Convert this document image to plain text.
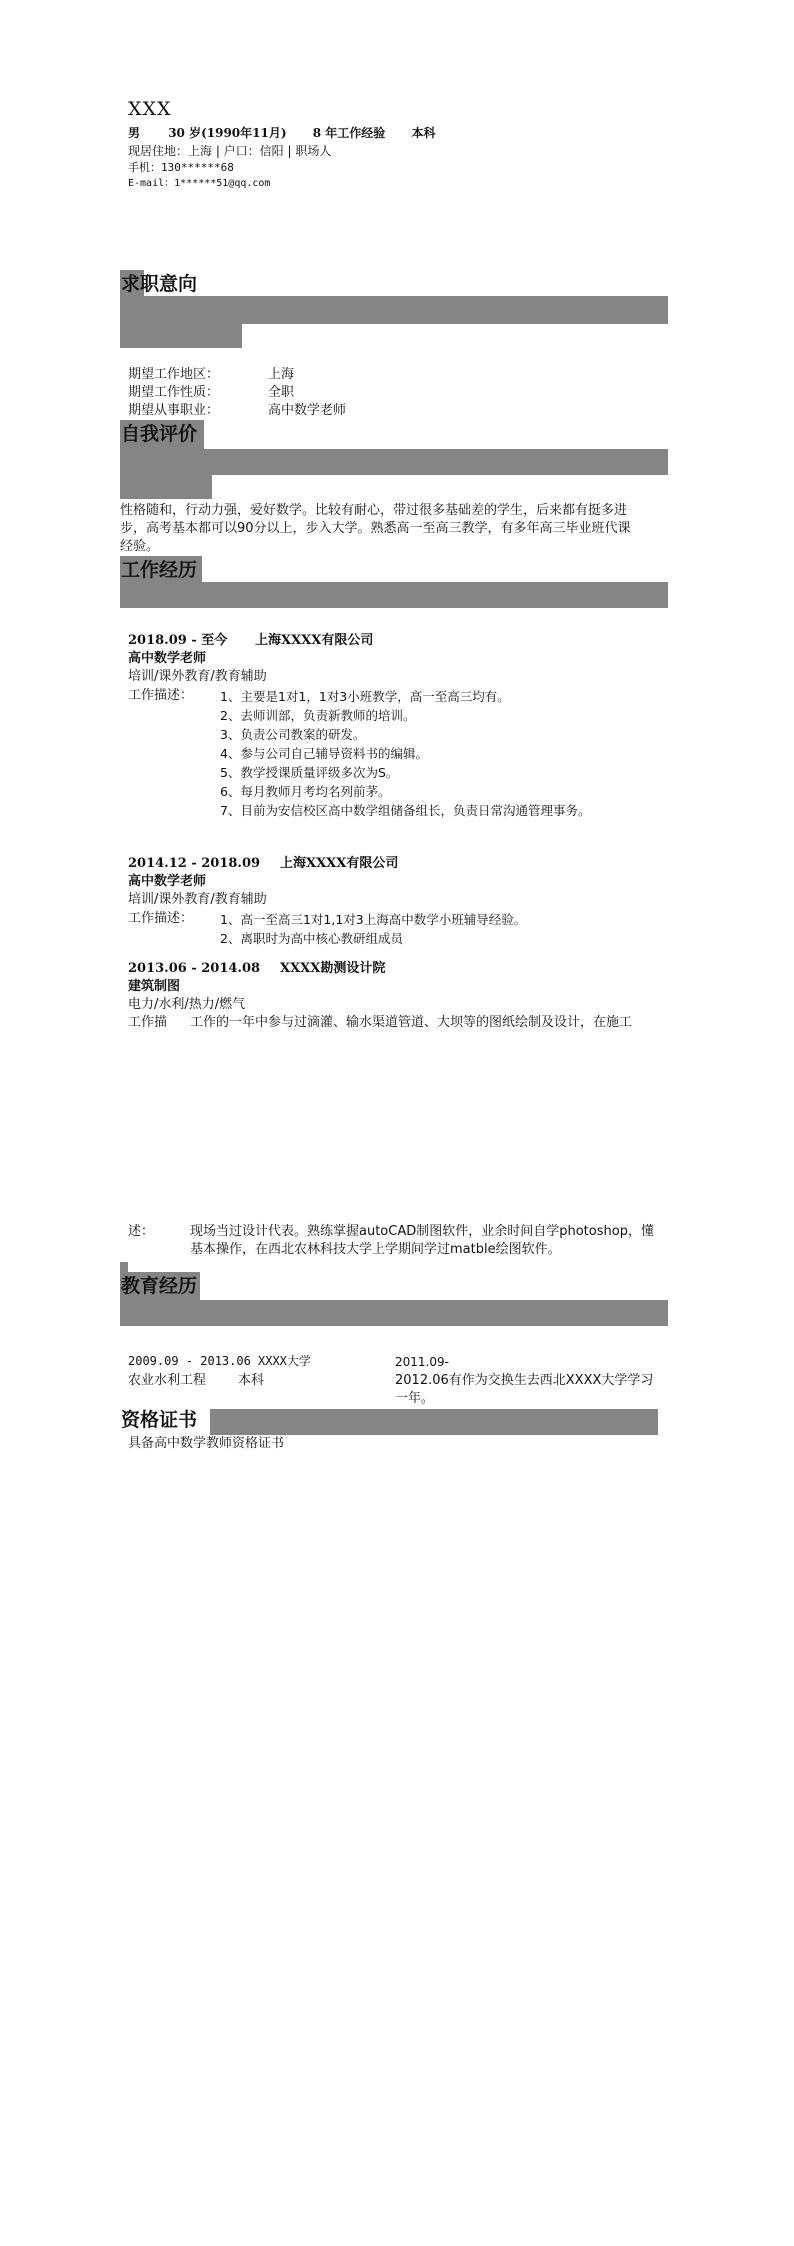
XXX
男 30 岁(1990年11月) 8 年工作经验 本科
现居住地：上海 | 户口：信阳 | 职场人
手机：130******68
E-mail：1******51@qq.com
求职意向
期望工作地区：	上海
期望工作性质：	全职
期望从事职业：	高中数学老师
自我评价
性格随和，行动力强，爱好数学。比较有耐心，带过很多基础差的学生，后来都有挺多进
步，高考基本都可以90分以上，步入大学。熟悉高一至高三教学，有多年高三毕业班代课
经验。
工作经历
2018.09 - 至今 上海XXXX有限公司
高中数学老师
培训/课外教育/教育辅助
工作描述： 1、主要是1对1，1对3小班教学，高一至高三均有。
2、去师训部，负责新教师的培训。
3、负责公司教案的研发。
4、参与公司自己辅导资料书的编辑。
5、教学授课质量评级多次为S。
6、每月教师月考均名列前茅。
7、目前为安信校区高中数学组储备组长，负责日常沟通管理事务。
2014.12 - 2018.09 上海XXXX有限公司
高中数学老师
培训/课外教育/教育辅助
工作描述： 1、高一至高三1对1,1对3上海高中数学小班辅导经验。
2、离职时为高中核心教研组成员
2013.06 - 2014.08 XXXX勘测设计院
建筑制图
电力/水利/热力/燃气
工作描 工作的一年中参与过滴灌、输水渠道管道、大坝等的图纸绘制及设计，在施工
述：	现场当过设计代表。熟练掌握autoCAD制图软件，业余时间自学photoshop，懂
基本操作，在西北农林科技大学上学期间学过matble绘图软件。
教育经历
2009.09 - 2013.06 XXXX大学
农业水利工程 本科
2011.09-
2012.06有作为交换生去西北XXXX大学学习
一年。
资格证书
具备高中数学教师资格证书
